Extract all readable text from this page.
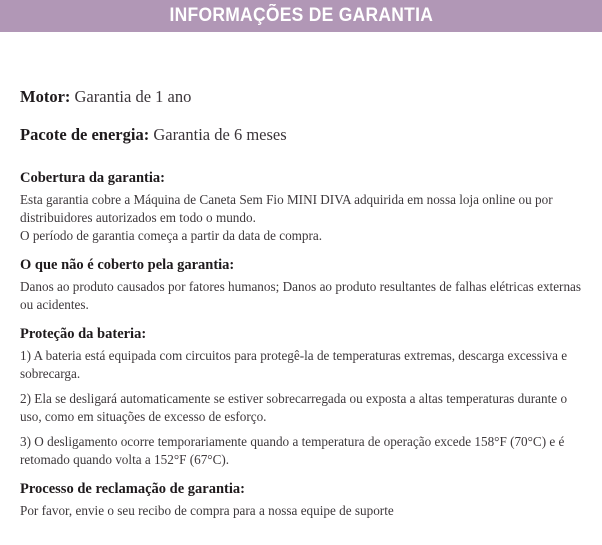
INFORMAÇÕES DE GARANTIA

Motor: Garantia de 1 ano

Pacote de energia: Garantia de 6 meses

Cobertura da garantia:

Esta garantia cobre a Máquina de Caneta Sem Fio MINI DIVA adquirida em nossa loja online ou por distribuidores autorizados em todo o mundo.

O período de garantia começa a partir da data de compra.

O que não é coberto pela garantia:

Danos ao produto causados por fatores humanos; Danos ao produto resultantes de falhas elétricas externas ou acidentes.

Proteção da bateria:

1) A bateria está equipada com circuitos para protegê-la de temperaturas extremas, descarga excessiva e sobrecarga.

2) Ela se desligará automaticamente se estiver sobrecarregada ou exposta a altas temperaturas durante o uso, como em situações de excesso de esforço.

3) O desligamento ocorre temporariamente quando a temperatura de operação excede 158°F (70°C) e é retomado quando volta a 152°F (67°C).

Processo de reclamação de garantia:

Por favor, envie o seu recibo de compra para a nossa equipe de suporte
